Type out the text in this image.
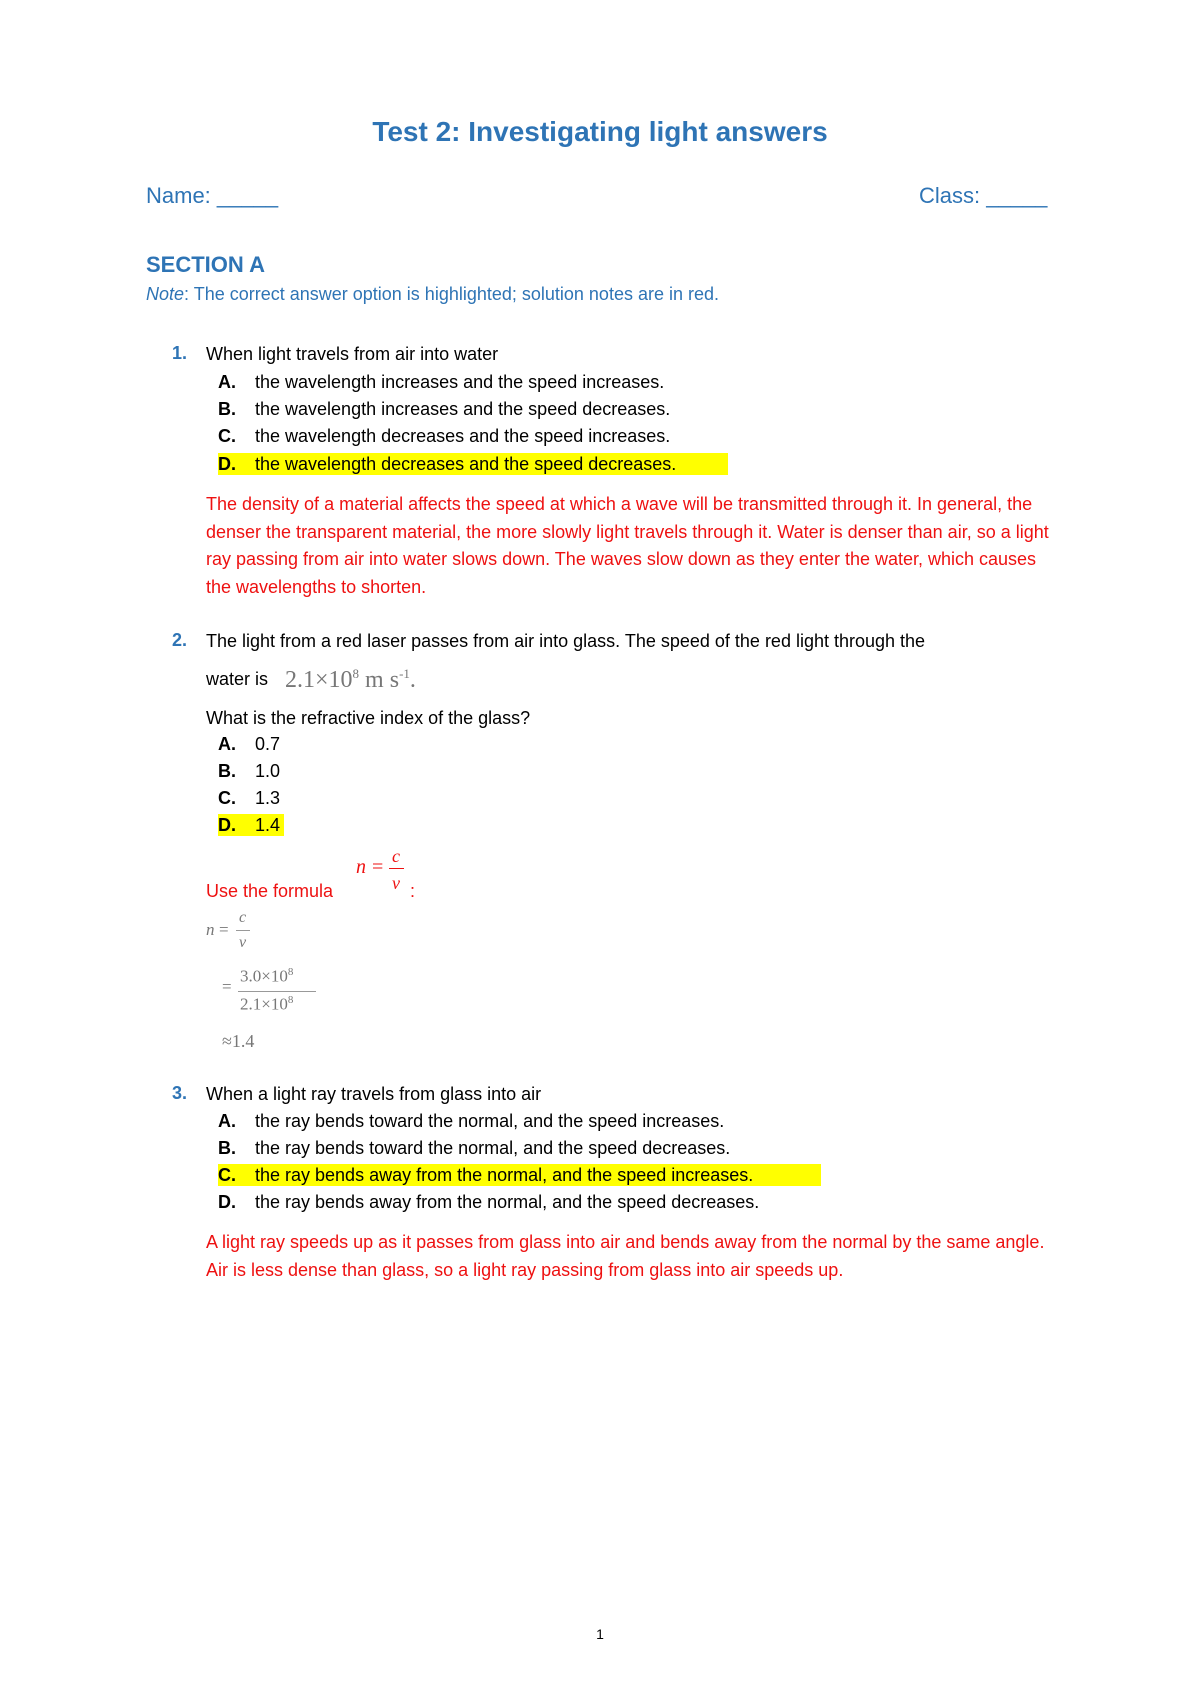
Test 2: Investigating light answers
Name: _____	Class: _____
SECTION A
Note: The correct answer option is highlighted; solution notes are in red.
1. When light travels from air into water
A. the wavelength increases and the speed increases.
B. the wavelength increases and the speed decreases.
C. the wavelength decreases and the speed increases.
D. the wavelength decreases and the speed decreases.
The density of a material affects the speed at which a wave will be transmitted through it. In general, the denser the transparent material, the more slowly light travels through it. Water is denser than air, so a light ray passing from air into water slows down. The waves slow down as they enter the water, which causes the wavelengths to shorten.
2. The light from a red laser passes from air into glass. The speed of the red light through the
water is $2.1\times 10^8$ m $s^{-1}$.
What is the refractive index of the glass?
A. 0.7
B. 1.0
C. 1.3
D. 1.4
Use the formula
n = c
v :
n =
c
v
=
$3.0\times 10^8$
$2.1\times 10^8$
≈1.4
3. When a light ray travels from glass into air
A. the ray bends toward the normal, and the speed increases.
B. the ray bends toward the normal, and the speed decreases.
C. the ray bends away from the normal, and the speed increases.
D. the ray bends away from the normal, and the speed decreases.
A light ray speeds up as it passes from glass into air and bends away from the normal by the same angle. Air is less dense than glass, so a light ray passing from glass into air speeds up.
1
